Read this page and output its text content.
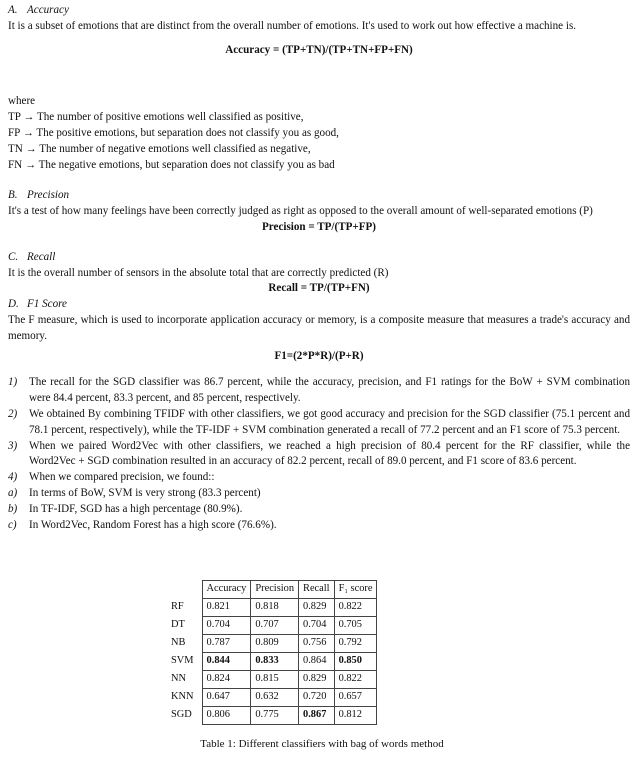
A. Accuracy

It is a subset of emotions that are distinct from the overall number of emotions. It's used to work out how effective a machine is.

Accuracy = (TP+TN)/(TP+TN+FP+FN)

where

TP → The number of positive emotions well classified as positive,

FP → The positive emotions, but separation does not classify you as good,

TN → The number of negative emotions well classified as negative,

FN → The negative emotions, but separation does not classify you as bad

B. Precision

It's a test of how many feelings have been correctly judged as right as opposed to the overall amount of well-separated emotions (P)

Precision = TP/(TP+FP)

C. Recall

It is the overall number of sensors in the absolute total that are correctly predicted (R)

Recall = TP/(TP+FN)

D. F1 Score

The F measure, which is used to incorporate application accuracy or memory, is a composite measure that measures a trade's accuracy and memory.

F1=(2*P*R)/(P+R)

1)	The recall for the SGD classifier was 86.7 percent, while the accuracy, precision, and F1 ratings for the BoW + SVM combination were 84.4 percent, 83.3 percent, and 85 percent, respectively.
2)	We obtained By combining TFIDF with other classifiers, we got good accuracy and precision for the SGD classifier (75.1 percent and 78.1 percent, respectively), while the TF-IDF + SVM combination generated a recall of 77.2 percent and an F1 score of 75.3 percent.
3)	When we paired Word2Vec with other classifiers, we reached a high precision of 80.4 percent for the RF classifier, while the Word2Vec + SGD combination resulted in an accuracy of 82.2 percent, recall of 89.0 percent, and F1 score of 83.6 percent.
4)	When we compared precision, we found::
a)	In terms of BoW, SVM is very strong (83.3 percent)
b)	In TF-IDF, SGD has a high percentage (80.9%).
c)	In Word2Vec, Random Forest has a high score (76.6%).
	Accuracy	Precision	Recall	F₁ score
RF	0.821	0.818	0.829	0.822
DT	0.704	0.707	0.704	0.705
NB	0.787	0.809	0.756	0.792
SVM	0.844	0.833	0.864	0.850
NN	0.824	0.815	0.829	0.822
KNN	0.647	0.632	0.720	0.657
SGD	0.806	0.775	0.867	0.812
Table 1: Different classifiers with bag of words method
